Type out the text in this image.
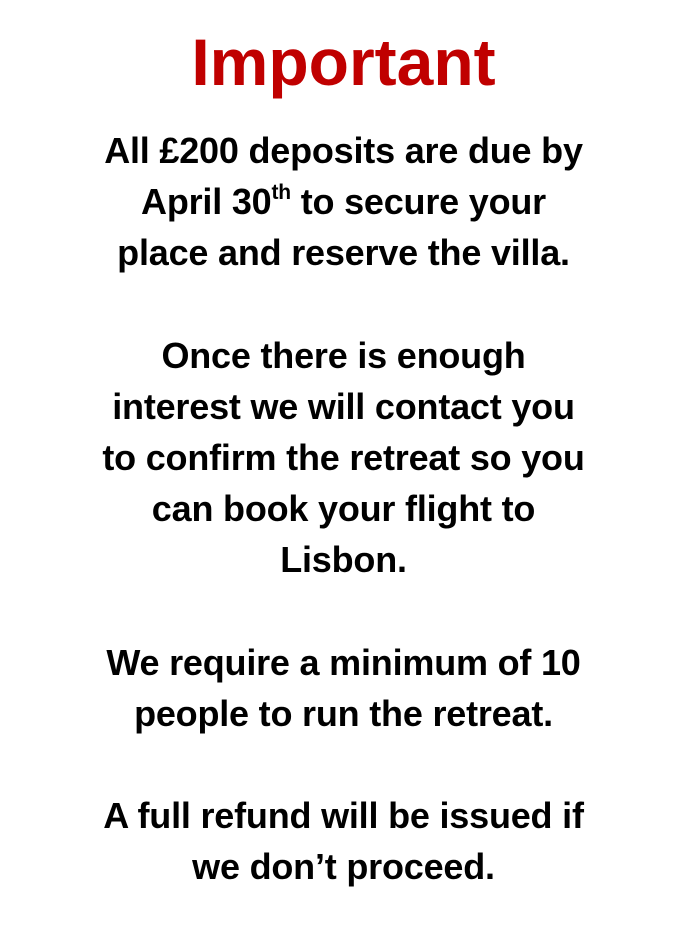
Important

All £200 deposits are due by
April 30th to secure your
place and reserve the villa.

Once there is enough
interest we will contact you
to confirm the retreat so you
can book your flight to
Lisbon.

We require a minimum of 10
people to run the retreat.

A full refund will be issued if
we don’t proceed.
